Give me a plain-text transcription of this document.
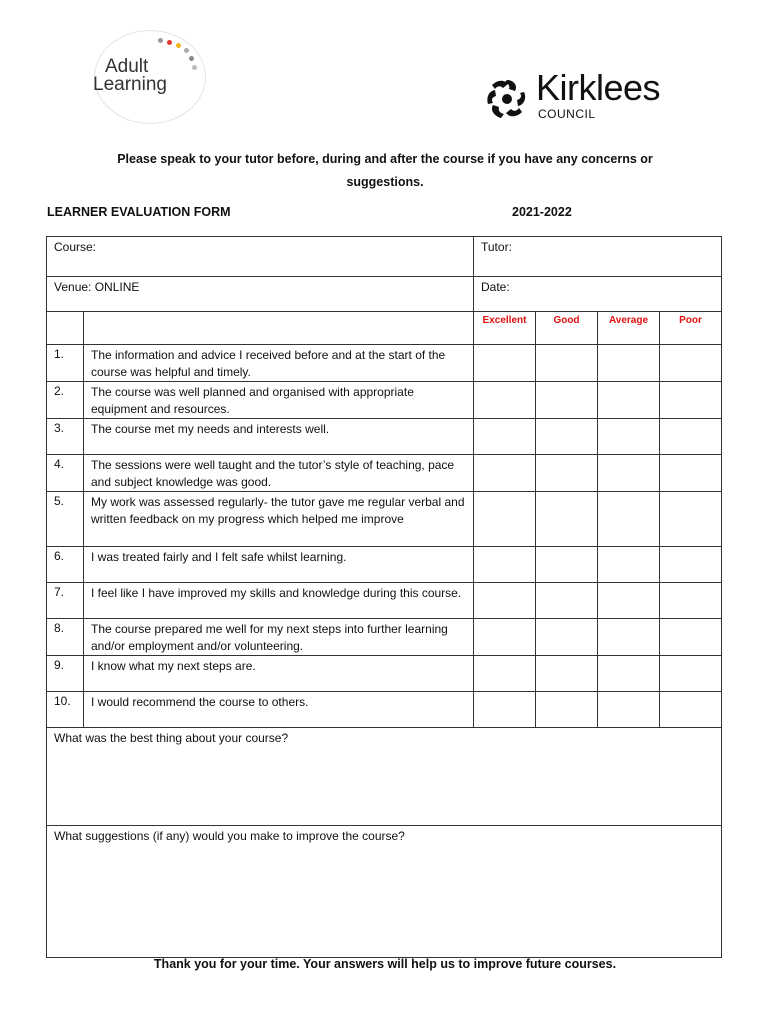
Adult
Learning	Kirklees
COUNCIL
Please speak to your tutor before, during and after the course if you have any concerns or
suggestions.
LEARNER EVALUATION FORM	2021-2022
Course:		Tutor:			
Venue: ONLINE		Date:			
		Excellent	Good	Average	Poor
1.	The information and advice I received before and at the start of the course was helpful and timely.				
2.	The course was well planned and organised with appropriate equipment and resources.				
3.	The course met my needs and interests well.				
4.	The sessions were well taught and the tutor’s style of teaching, pace and subject knowledge was good.				
5.	My work was assessed regularly- the tutor gave me regular verbal and written feedback on my progress which helped me improve				
6.	I was treated fairly and I felt safe whilst learning.				
7.	I feel like I have improved my skills and knowledge during this course.				
8.	The course prepared me well for my next steps into further learning and/or employment and/or volunteering.				
9.	I know what my next steps are.				
10.	I would recommend the course to others.				
What was the best thing about your course?					
What suggestions (if any) would you make to improve the course?					
Thank you for your time. Your answers will help us to improve future courses.
